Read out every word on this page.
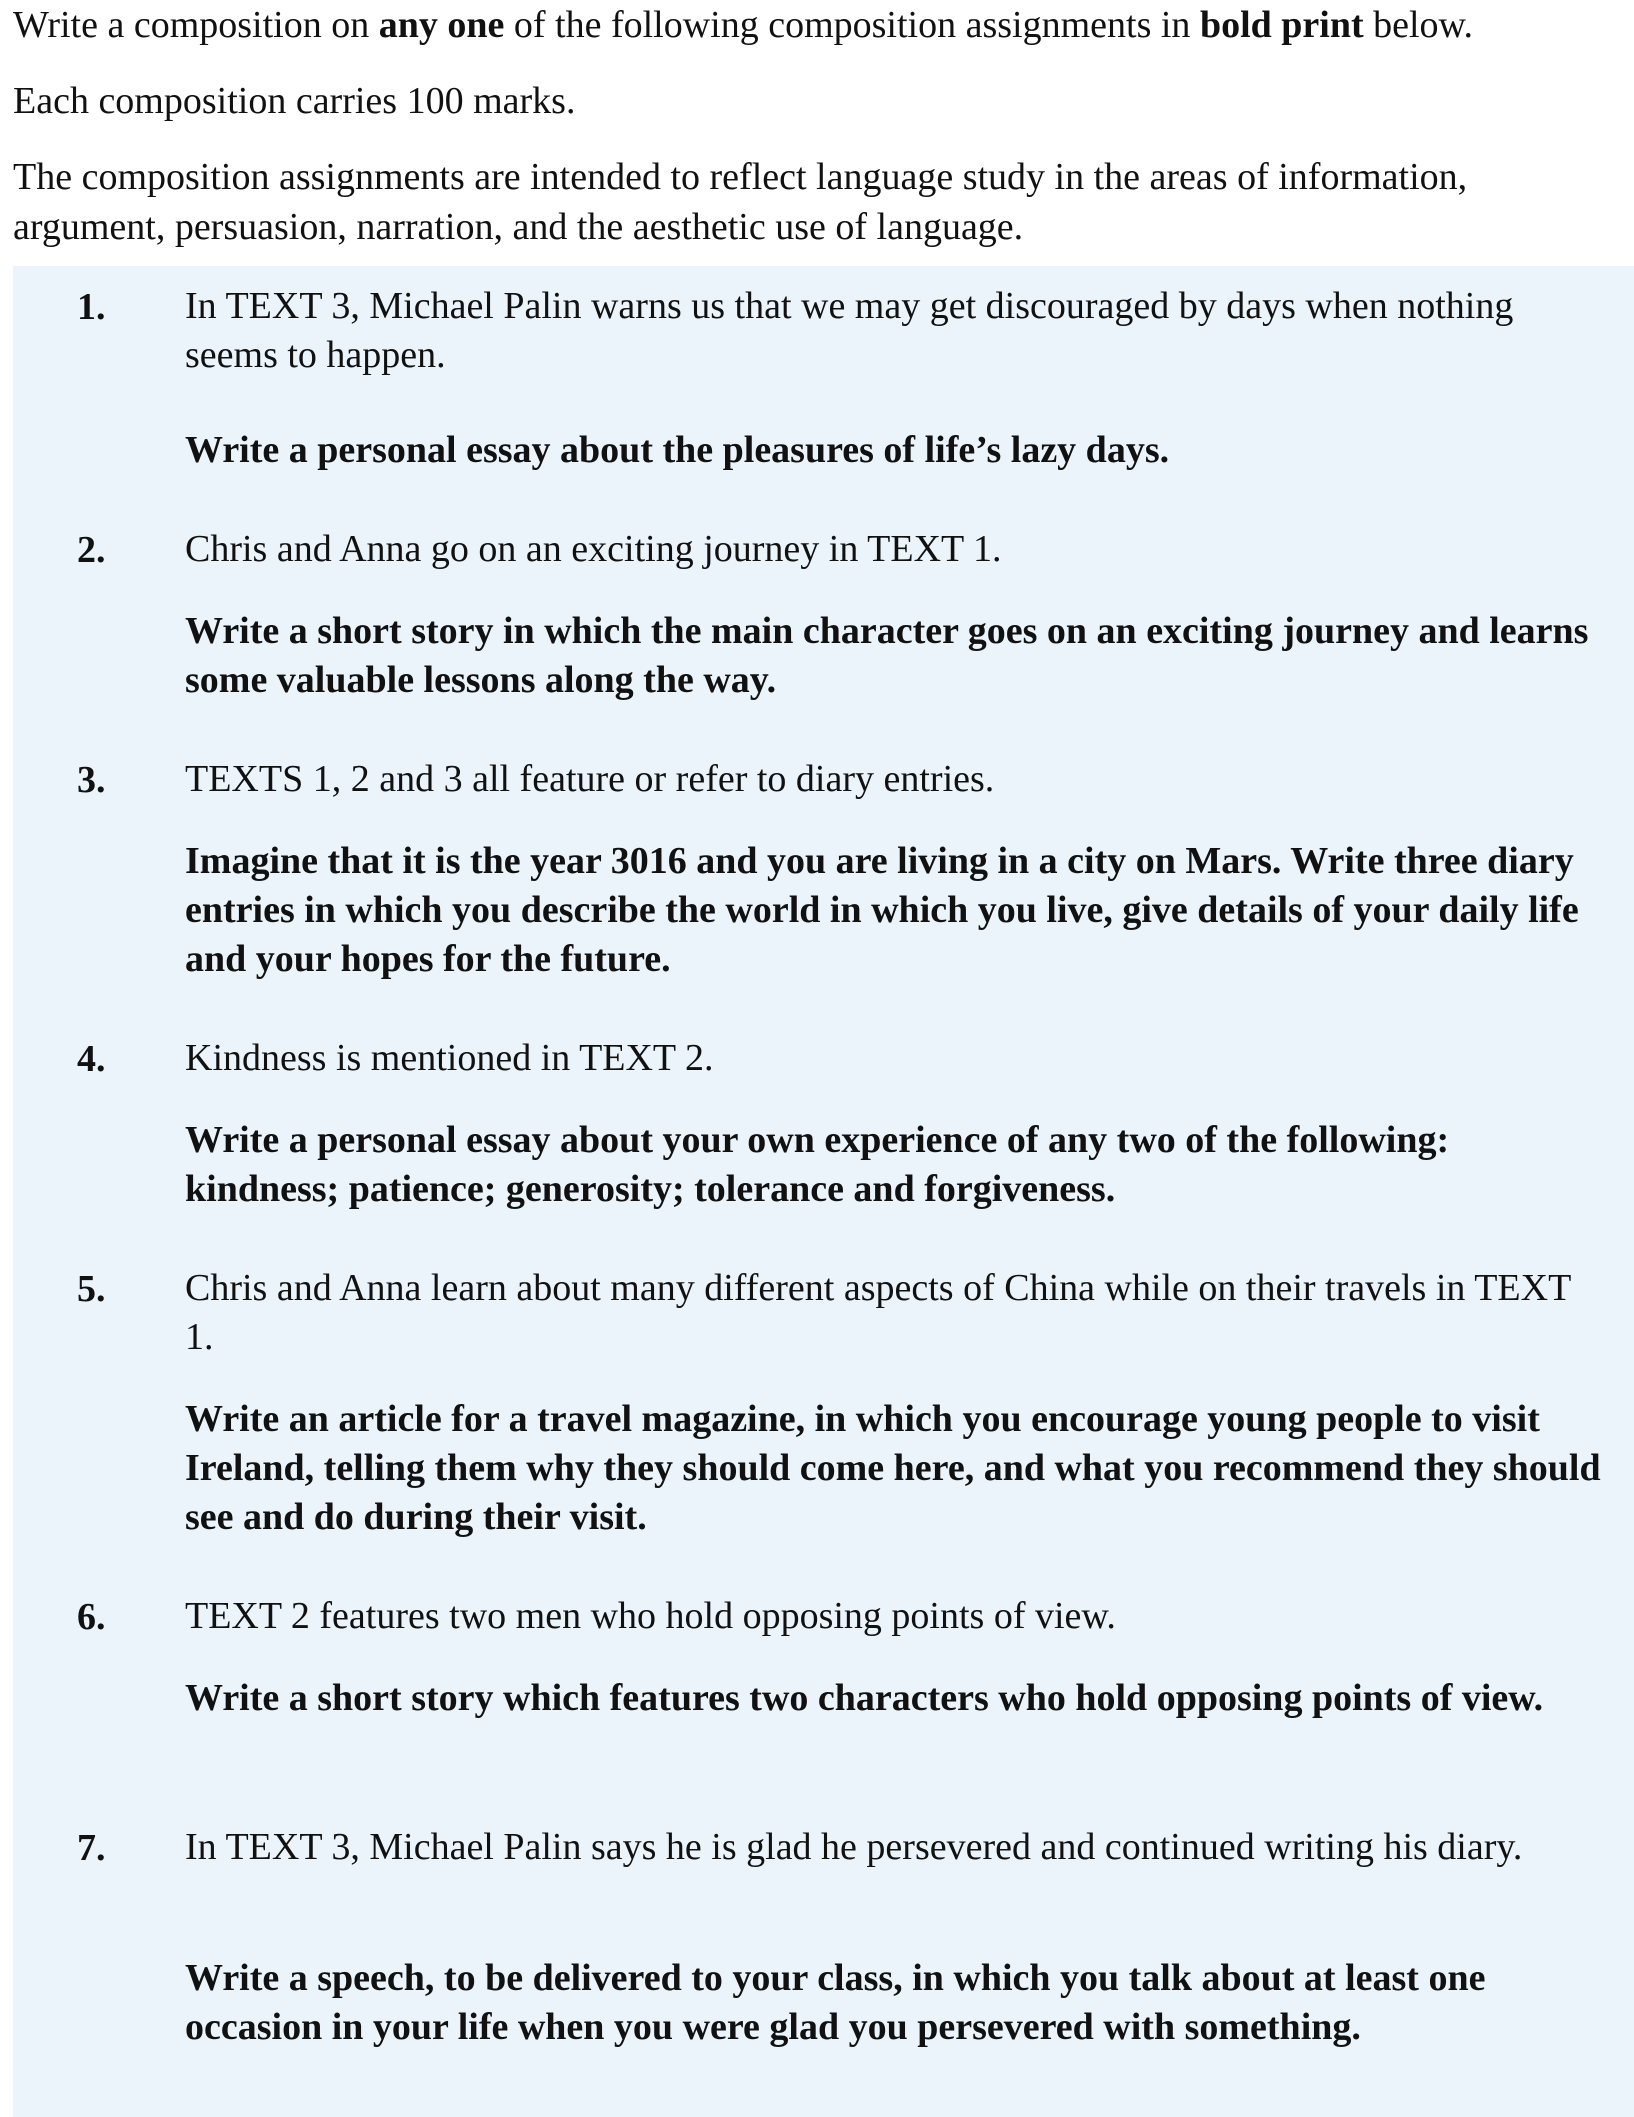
Write a composition on any one of the following composition assignments in bold print below.

Each composition carries 100 marks.

The composition assignments are intended to reflect language study in the areas of information, argument, persuasion, narration, and the aesthetic use of language.

1. In TEXT 3, Michael Palin warns us that we may get discouraged by days when nothing seems to happen.

Write a personal essay about the pleasures of life’s lazy days.

2. Chris and Anna go on an exciting journey in TEXT 1.

Write a short story in which the main character goes on an exciting journey and learns some valuable lessons along the way.

3. TEXTS 1, 2 and 3 all feature or refer to diary entries.

Imagine that it is the year 3016 and you are living in a city on Mars. Write three diary entries in which you describe the world in which you live, give details of your daily life and your hopes for the future.

4. Kindness is mentioned in TEXT 2.

Write a personal essay about your own experience of any two of the following: kindness; patience; generosity; tolerance and forgiveness.

5. Chris and Anna learn about many different aspects of China while on their travels in TEXT 1.

Write an article for a travel magazine, in which you encourage young people to visit Ireland, telling them why they should come here, and what you recommend they should see and do during their visit.

6. TEXT 2 features two men who hold opposing points of view.

Write a short story which features two characters who hold opposing points of view.

7. In TEXT 3, Michael Palin says he is glad he persevered and continued writing his diary.

Write a speech, to be delivered to your class, in which you talk about at least one occasion in your life when you were glad you persevered with something.
